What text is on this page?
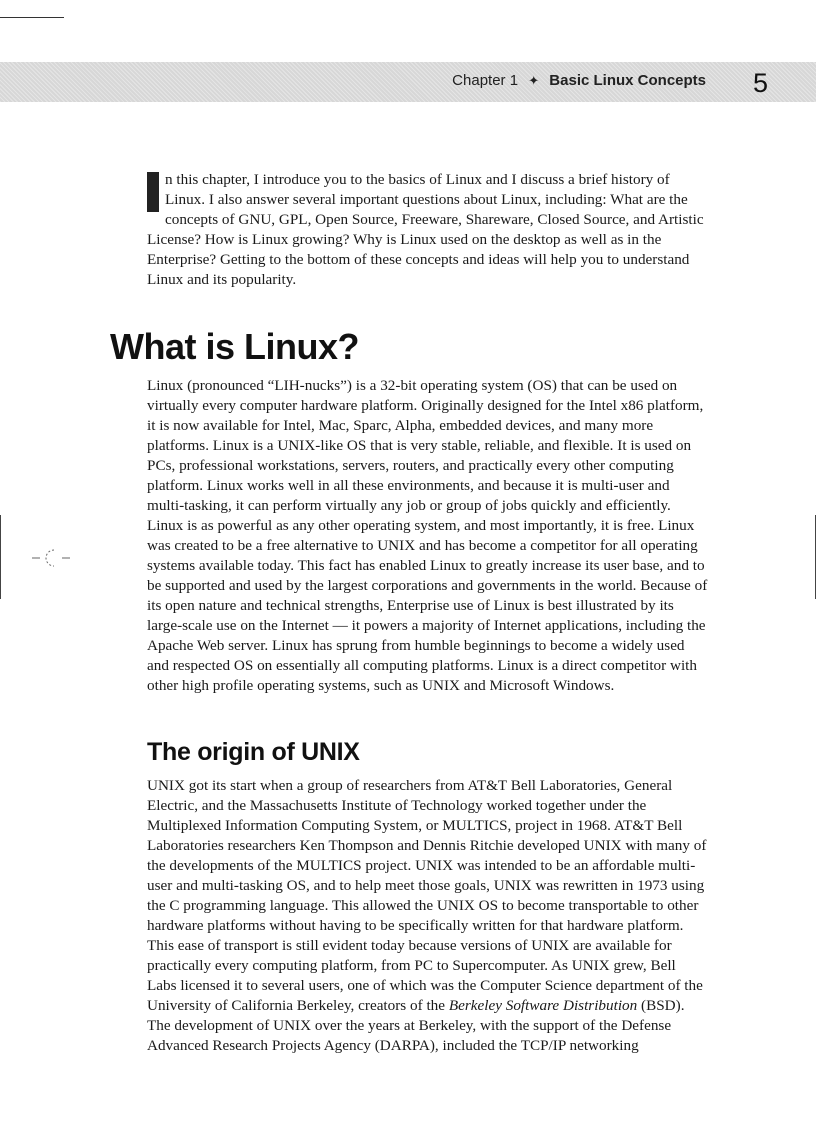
Chapter 1 ✦ Basic Linux Concepts 5
I n this chapter, I introduce you to the basics of Linux and I discuss a brief history of Linux. I also answer several important questions about Linux, including: What are the concepts of GNU, GPL, Open Source, Freeware, Shareware, Closed Source, and Artistic License? How is Linux growing? Why is Linux used on the desktop as well as in the Enterprise? Getting to the bottom of these concepts and ideas will help you to understand Linux and its popularity.
What is Linux?

Linux (pronounced “LIH-nucks”) is a 32-bit operating system (OS) that can be used on virtually every computer hardware platform. Originally designed for the Intel x86 platform, it is now available for Intel, Mac, Sparc, Alpha, embedded devices, and many more platforms. Linux is a UNIX-like OS that is very stable, reliable, and flexible. It is used on PCs, professional workstations, servers, routers, and practically every other computing platform. Linux works well in all these environments, and because it is multi-user and multi-tasking, it can perform virtually any job or group of jobs quickly and efficiently. Linux is as powerful as any other operating system, and most importantly, it is free. Linux was created to be a free alternative to UNIX and has become a competitor for all operating systems available today. This fact has enabled Linux to greatly increase its user base, and to be supported and used by the largest corporations and governments in the world. Because of its open nature and technical strengths, Enterprise use of Linux is best illustrated by its large-scale use on the Internet — it powers a majority of Internet applications, including the Apache Web server. Linux has sprung from humble beginnings to become a widely used and respected OS on essentially all computing platforms. Linux is a direct competitor with other high profile operating systems, such as UNIX and Microsoft Windows.

The origin of UNIX

UNIX got its start when a group of researchers from AT&T Bell Laboratories, General Electric, and the Massachusetts Institute of Technology worked together under the Multiplexed Information Computing System, or MULTICS, project in 1968. AT&T Bell Laboratories researchers Ken Thompson and Dennis Ritchie developed UNIX with many of the developments of the MULTICS project. UNIX was intended to be an affordable multi-user and multi-tasking OS, and to help meet those goals, UNIX was rewritten in 1973 using the C programming language. This allowed the UNIX OS to become transportable to other hardware platforms without having to be specifically written for that hardware platform. This ease of transport is still evident today because versions of UNIX are available for practically every computing platform, from PC to Supercomputer. As UNIX grew, Bell Labs licensed it to several users, one of which was the Computer Science department of the University of California Berkeley, creators of the Berkeley Software Distribution (BSD). The development of UNIX over the years at Berkeley, with the support of the Defense Advanced Research Projects Agency (DARPA), included the TCP/IP networking
